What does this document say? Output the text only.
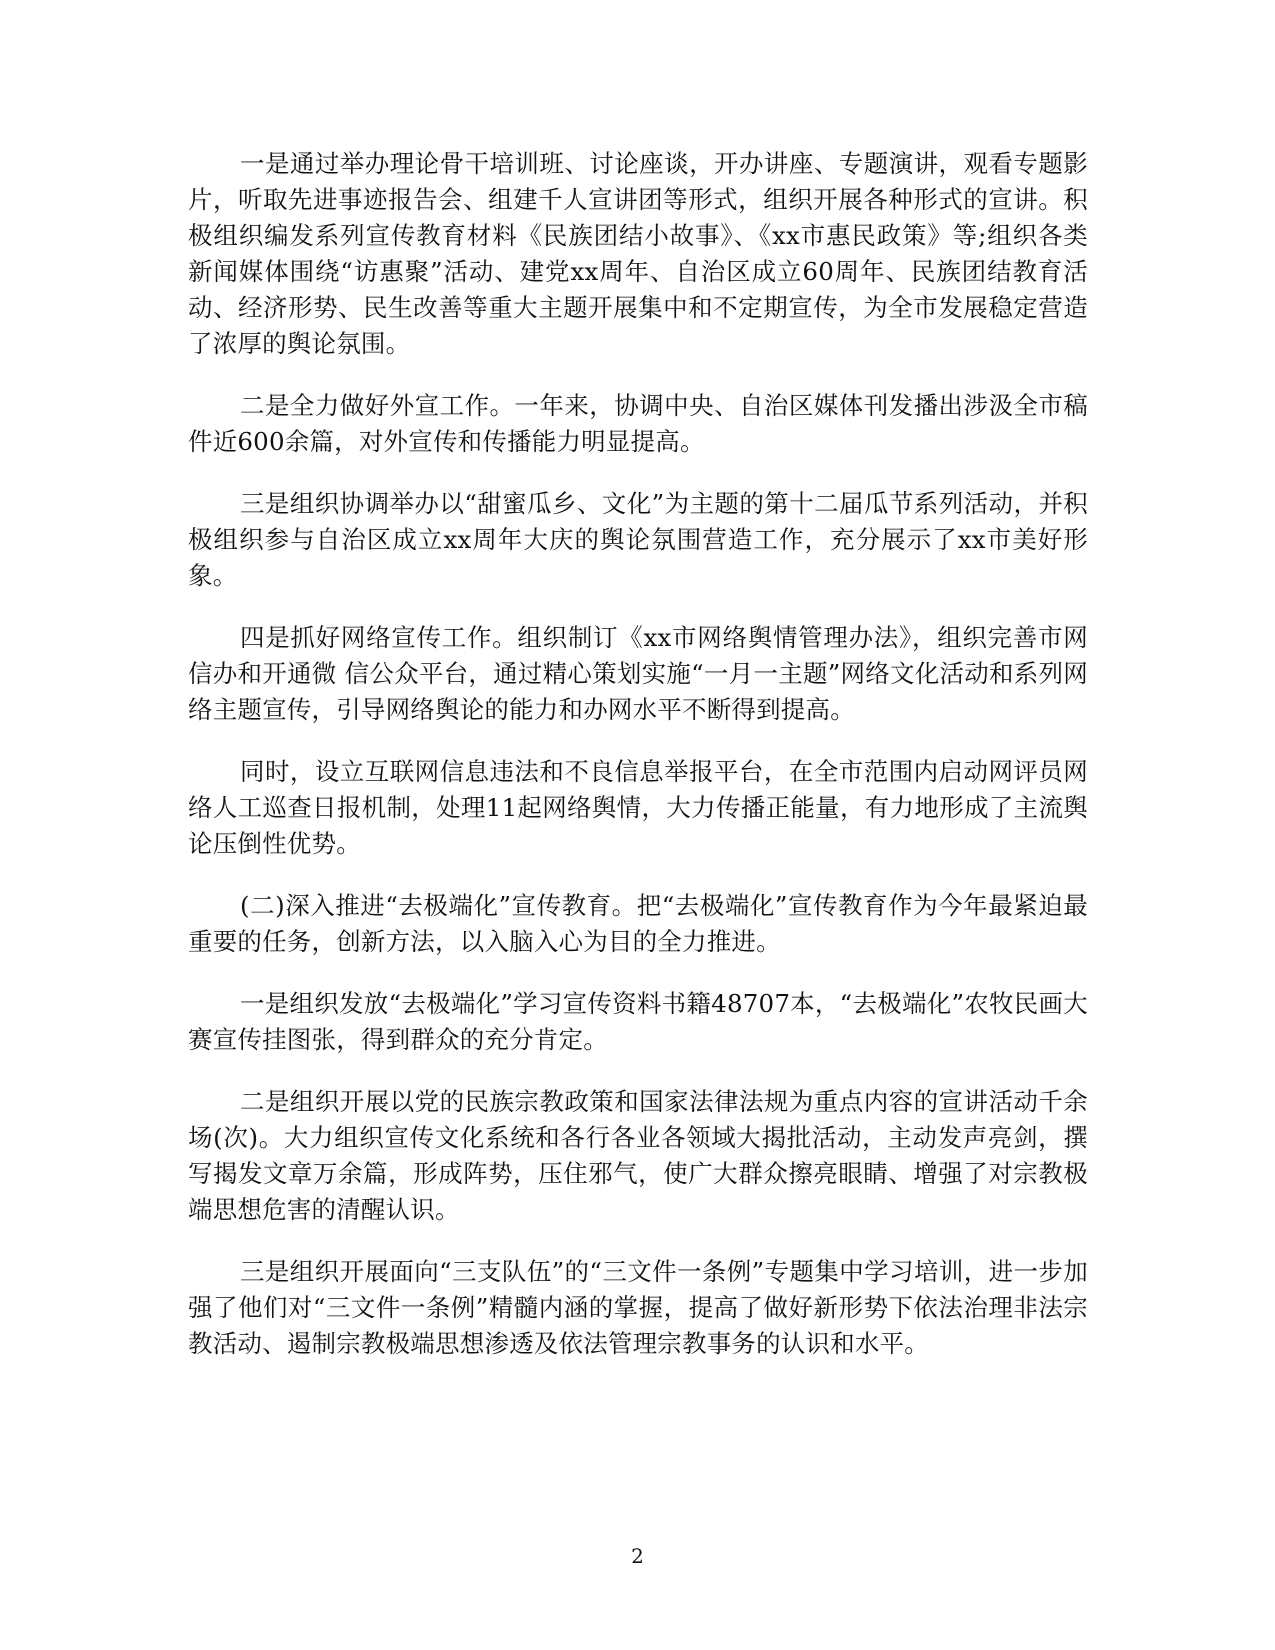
一是通过举办理论骨干培训班、讨论座谈，开办讲座、专题演讲，观看专题影片，听取先进事迹报告会、组建千人宣讲团等形式，组织开展各种形式的宣讲。积极组织编发系列宣传教育材料《民族团结小故事》、《xx市惠民政策》等;组织各类新闻媒体围绕“访惠聚”活动、建党xx周年、自治区成立60周年、民族团结教育活动、经济形势、民生改善等重大主题开展集中和不定期宣传，为全市发展稳定营造了浓厚的舆论氛围。

二是全力做好外宣工作。一年来，协调中央、自治区媒体刊发播出涉汲全市稿件近600余篇，对外宣传和传播能力明显提高。

三是组织协调举办以“甜蜜瓜乡、文化”为主题的第十二届瓜节系列活动，并积极组织参与自治区成立xx周年大庆的舆论氛围营造工作，充分展示了xx市美好形象。

四是抓好网络宣传工作。组织制订《xx市网络舆情管理办法》，组织完善市网信办和开通微 信公众平台，通过精心策划实施“一月一主题”网络文化活动和系列网络主题宣传，引导网络舆论的能力和办网水平不断得到提高。

同时，设立互联网信息违法和不良信息举报平台，在全市范围内启动网评员网络人工巡查日报机制，处理11起网络舆情，大力传播正能量，有力地形成了主流舆论压倒性优势。

(二)深入推进“去极端化”宣传教育。把“去极端化”宣传教育作为今年最紧迫最重要的任务，创新方法，以入脑入心为目的全力推进。

一是组织发放“去极端化”学习宣传资料书籍48707本，“去极端化”农牧民画大赛宣传挂图张，得到群众的充分肯定。

二是组织开展以党的民族宗教政策和国家法律法规为重点内容的宣讲活动千余场(次)。大力组织宣传文化系统和各行各业各领域大揭批活动，主动发声亮剑，撰写揭发文章万余篇，形成阵势，压住邪气，使广大群众擦亮眼睛、增强了对宗教极端思想危害的清醒认识。

三是组织开展面向“三支队伍”的“三文件一条例”专题集中学习培训，进一步加强了他们对“三文件一条例”精髓内涵的掌握，提高了做好新形势下依法治理非法宗教活动、遏制宗教极端思想渗透及依法管理宗教事务的认识和水平。

2
